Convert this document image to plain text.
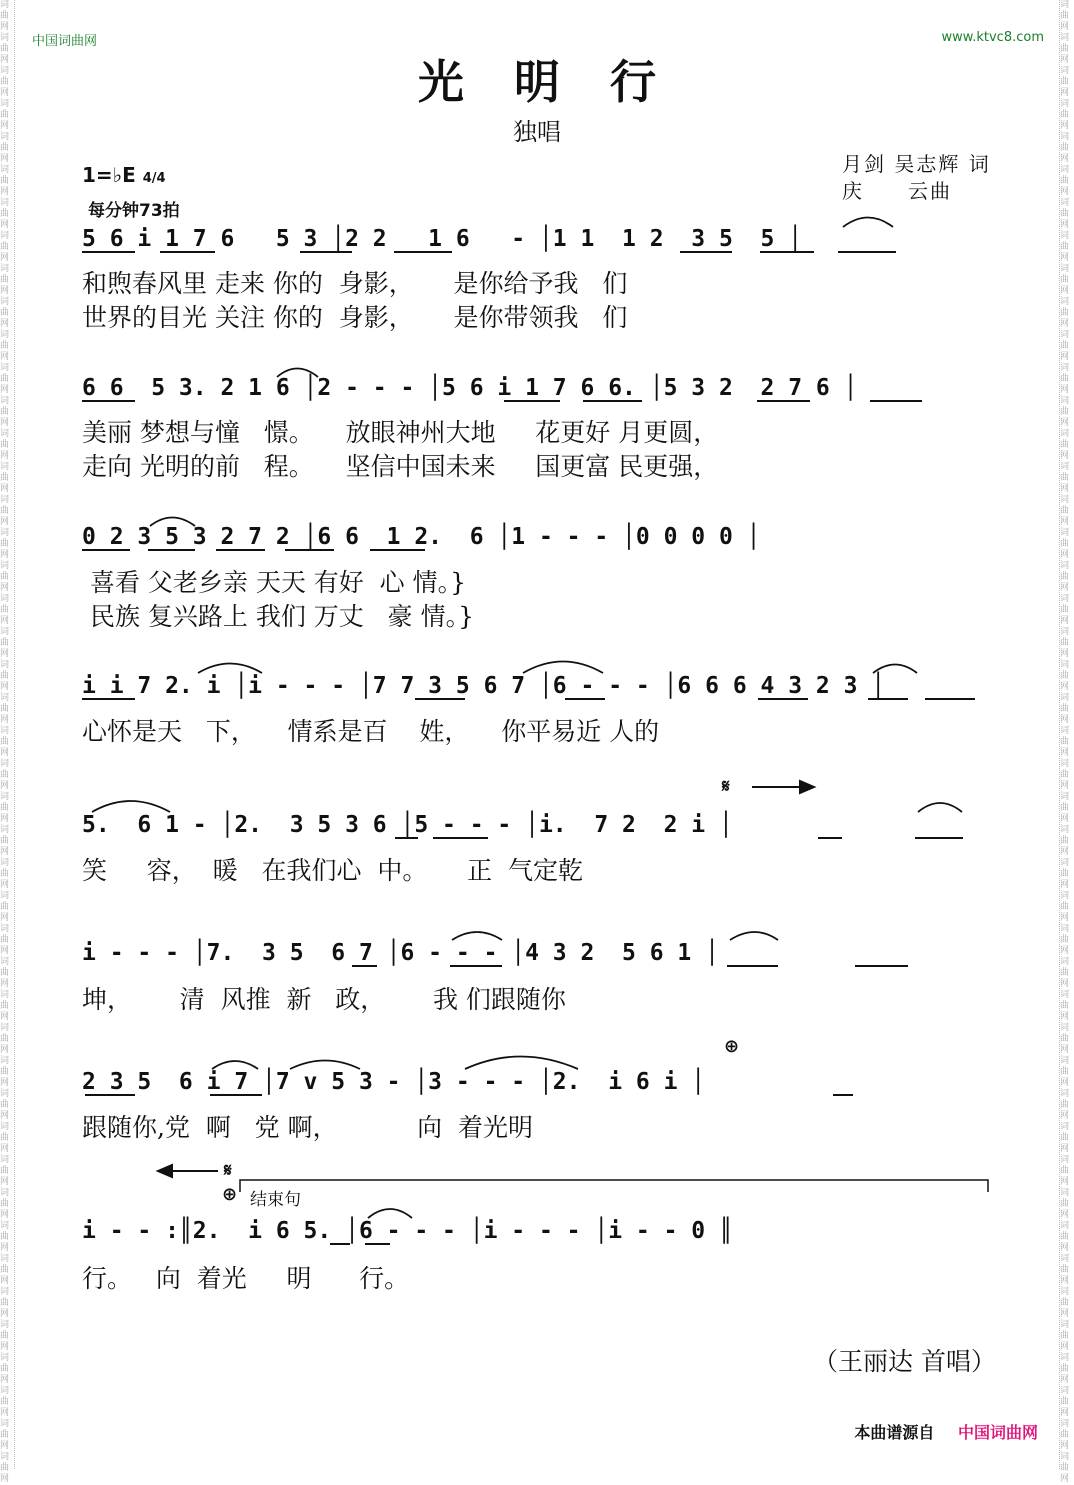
词曲网词曲网词曲网词曲网词曲网词曲网词曲网词曲网词曲网词曲网词曲网词曲网词曲网词曲网词曲网词曲网词曲网词曲网词曲网词曲网词曲网词曲网词曲网词曲网词曲网词曲网词曲网词曲网词曲网词曲网词曲网词曲网词曲网词曲网词曲网词曲网词曲网词曲网词曲网词曲网词曲网词曲网词曲网词曲网词曲网
词曲网词曲网词曲网词曲网词曲网词曲网词曲网词曲网词曲网词曲网词曲网词曲网词曲网词曲网词曲网词曲网词曲网词曲网词曲网词曲网词曲网词曲网词曲网词曲网词曲网词曲网词曲网词曲网词曲网词曲网词曲网词曲网词曲网词曲网词曲网词曲网词曲网词曲网词曲网词曲网词曲网词曲网词曲网词曲网词曲网
中国词曲网	www.ktvc8.com
光明行
独唱
月剑 吴志辉 词
庆　　云曲
1=♭E 4/4
每分钟73拍
5 6 i 1 7 6   5 3 │2 2   1 6   - │1 1  1 2  3 5  5 │
和煦春风里 走来 你的  身影，     是你给予我   们
世界的目光 关注 你的  身影，     是你带领我   们
6 6  5 3. 2 1 6 │2 - - - │5 6 i 1 7 6 6. │5 3 2  2 7 6 │
美丽 梦想与憧   憬。    放眼神州大地     花更好 月更圆，
走向 光明的前   程。    坚信中国未来     国更富 民更强，
0 2 3 5 3 2 7 2 │6 6  1 2.  6 │1 - - - │0 0 0 0 │
喜看 父老乡亲 天天 有好  心 情。}
民族 复兴路上 我们 万丈   豪 情。}
i i 7 2. i │i - - - │7 7 3 5 6 7 │6 - - - │6 6 6 4 3 2 3 │
心怀是天   下，    情系是百    姓，    你平易近 人的
𝄋
5.  6 1 - │2.  3 5 3 6 │5 - - - │i.  7 2  2 i │
笑     容，  暖   在我们心  中。     正  气定乾
i - - - │7.  3 5  6 7 │6 - - - │4 3 2  5 6 1 │
坤，      清  风推  新   政，      我 们跟随你
⊕
2 3 5  6 i 7 │7 v 5 3 - │3 - - - │2.  i 6 i │
跟随你,党  啊   党 啊，          向  着光明
𝄋
⊕ 结束句
i - - :║2.  i 6 5. │6 - - - │i - - - │i - - 0 ║
行。   向  着光     明      行。
（王丽达 首唱）
本曲谱源自 中国词曲网
